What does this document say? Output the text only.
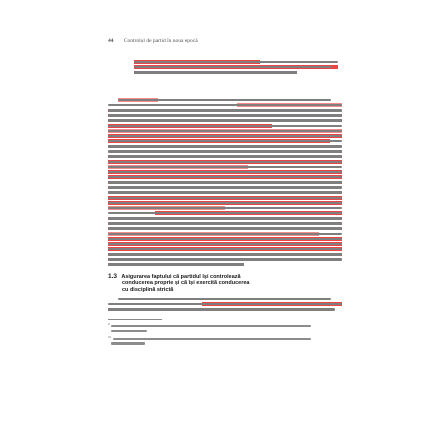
44 Controlul de partid în noua epocă
1.3 Asigurarea faptului că partidul își controlează
conducerea proprie și că își exercită conducerea
cu disciplină strictă
$^9$

$^{10}$
